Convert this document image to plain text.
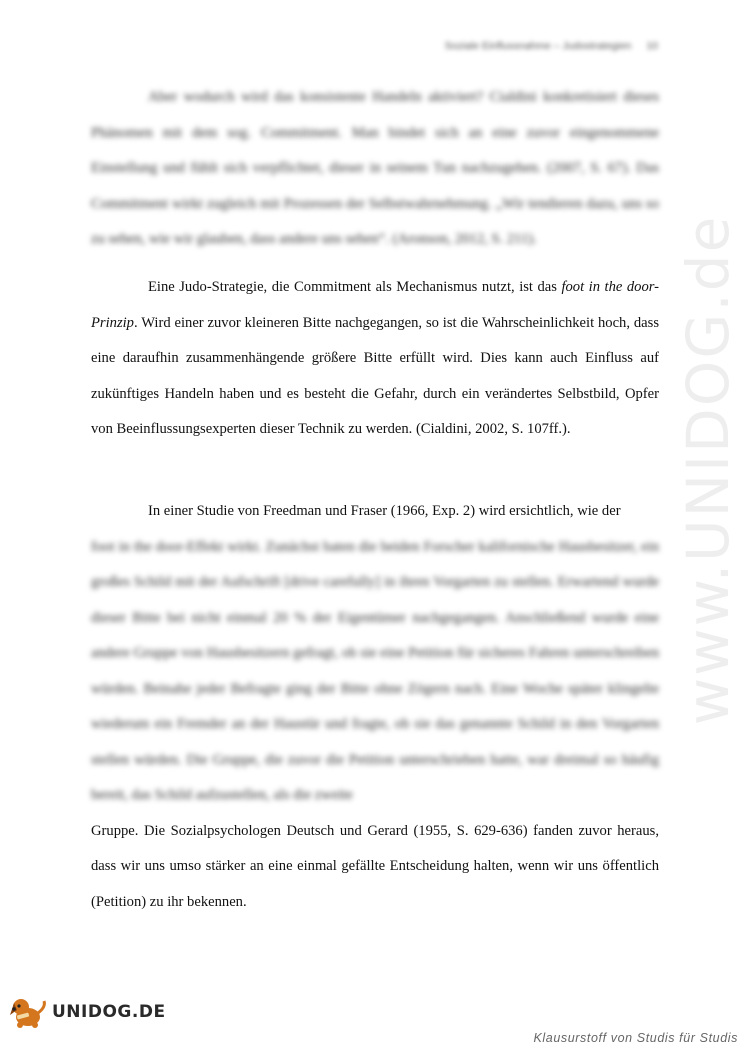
Soziale Einflussnahme – Judostrategien 10

Aber wodurch wird das konsistente Handeln aktiviert? Cialdini konkretisiert dieses Phänomen mit dem sog. Commitment. Man bindet sich an eine zuvor eingenommene Einstellung und fühlt sich verpflichtet, dieser in seinem Tun nachzugehen. (2007, S. 67). Das Commitment wirkt zugleich mit Prozessen der Selbstwahrnehmung. „Wir tendieren dazu, uns so zu sehen, wie wir glauben, dass andere uns sehen“. (Aronson, 2012, S. 211).

Eine Judo-Strategie, die Commitment als Mechanismus nutzt, ist das foot in the door-Prinzip. Wird einer zuvor kleineren Bitte nachgegangen, so ist die Wahrscheinlichkeit hoch, dass eine daraufhin zusammenhängende größere Bitte erfüllt wird. Dies kann auch Einfluss auf zukünftiges Handeln haben und es besteht die Gefahr, durch ein verändertes Selbstbild, Opfer von Beeinflussungsexperten dieser Technik zu werden. (Cialdini, 2002, S. 107ff.).

In einer Studie von Freedman und Fraser (1966, Exp. 2) wird ersichtlich, wie der

foot in the door-Effekt wirkt. Zunächst baten die beiden Forscher kalifornische Hausbesitzer, ein großes Schild mit der Aufschrift [drive carefully] in ihren Vorgarten zu stellen. Erwartend wurde dieser Bitte bei nicht einmal 20 % der Eigentümer nachgegangen. Anschließend wurde eine andere Gruppe von Hausbesitzern gefragt, ob sie eine Petition für sicheres Fahren unterschreiben würden. Beinahe jeder Befragte ging der Bitte ohne Zögern nach. Eine Woche später klingelte wiederum ein Fremder an der Haustür und fragte, ob sie das genannte Schild in den Vorgarten stellen würden. Die Gruppe, die zuvor die Petition unterschrieben hatte, war dreimal so häufig bereit, das Schild aufzustellen, als die zweite
Gruppe. Die Sozialpsychologen Deutsch und Gerard (1955, S. 629-636) fanden zuvor heraus, dass wir uns umso stärker an eine einmal gefällte Entscheidung halten, wenn wir uns öffentlich (Petition) zu ihr bekennen.
www.UNIDOG.de
UNIDOG.DE
Klausurstoff von Studis für Studis
